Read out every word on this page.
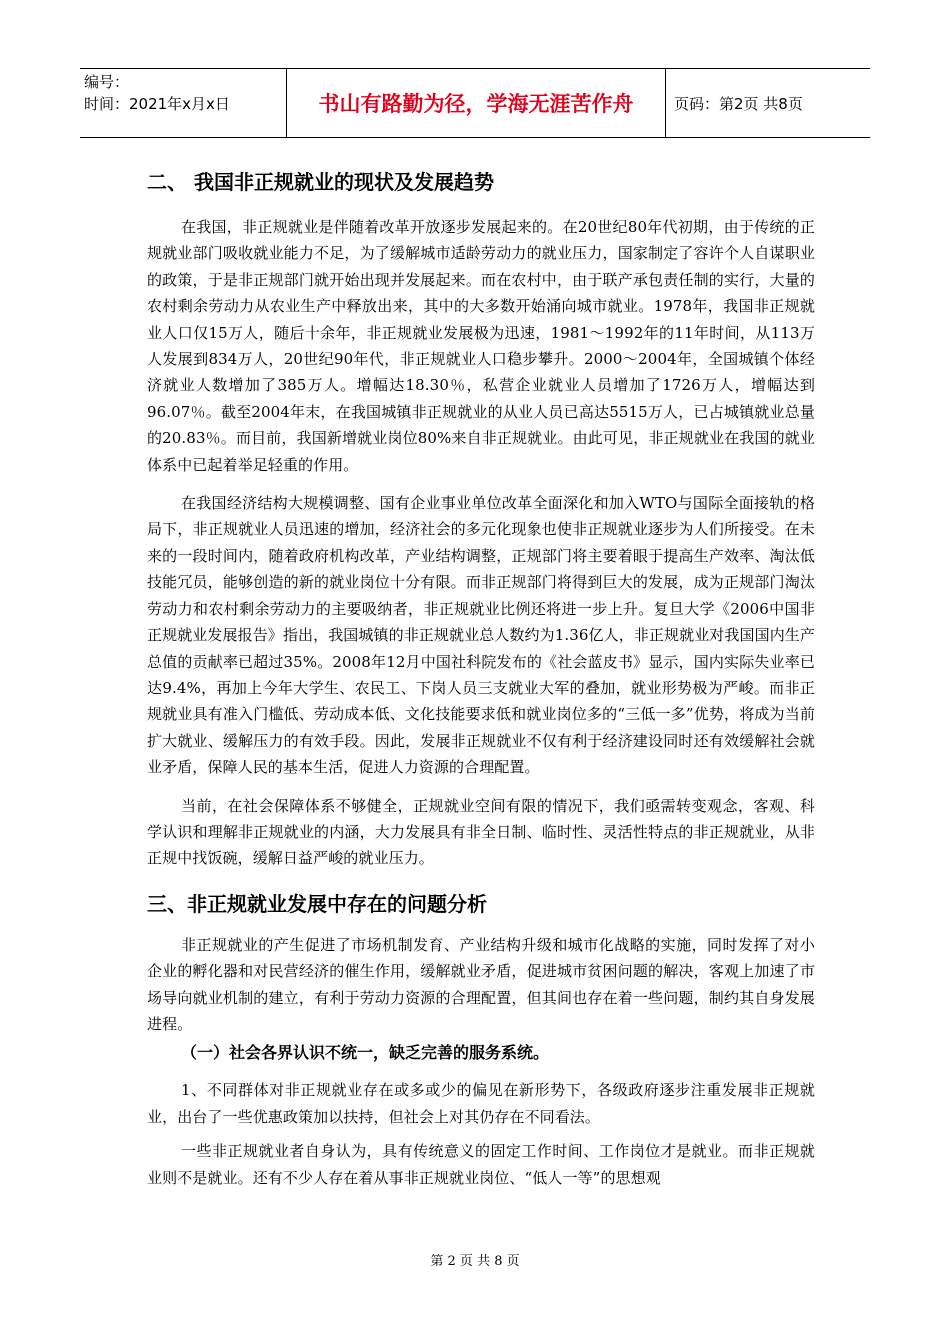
编号：
时间：2021年x月x日	书山有路勤为径，学海无涯苦作舟	页码：第2页 共8页
二、 我国非正规就业的现状及发展趋势

在我国，非正规就业是伴随着改革开放逐步发展起来的。在20世纪80年代初期，由于传统的正规就业部门吸收就业能力不足，为了缓解城市适龄劳动力的就业压力，国家制定了容许个人自谋职业的政策，于是非正规部门就开始出现并发展起来。而在农村中，由于联产承包责任制的实行，大量的农村剩余劳动力从农业生产中释放出来，其中的大多数开始涌向城市就业。1978年，我国非正规就业人口仅15万人，随后十余年，非正规就业发展极为迅速，1981～1992年的11年时间，从113万人发展到834万人，20世纪90年代，非正规就业人口稳步攀升。2000～2004年，全国城镇个体经济就业人数增加了385万人。增幅达18.30％，私营企业就业人员增加了1726万人，增幅达到96.07％。截至2004年末，在我国城镇非正规就业的从业人员已高达5515万人，已占城镇就业总量的20.83％。而目前，我国新增就业岗位80%来自非正规就业。由此可见，非正规就业在我国的就业体系中已起着举足轻重的作用。

在我国经济结构大规模调整、国有企业事业单位改革全面深化和加入WTO与国际全面接轨的格局下，非正规就业人员迅速的增加，经济社会的多元化现象也使非正规就业逐步为人们所接受。在未来的一段时间内，随着政府机构改革，产业结构调整，正规部门将主要着眼于提高生产效率、淘汰低技能冗员，能够创造的新的就业岗位十分有限。而非正规部门将得到巨大的发展，成为正规部门淘汰劳动力和农村剩余劳动力的主要吸纳者，非正规就业比例还将进一步上升。复旦大学《2006中国非正规就业发展报告》指出，我国城镇的非正规就业总人数约为1.36亿人，非正规就业对我国国内生产总值的贡献率已超过35%。2008年12月中国社科院发布的《社会蓝皮书》显示，国内实际失业率已达9.4%，再加上今年大学生、农民工、下岗人员三支就业大军的叠加，就业形势极为严峻。而非正规就业具有准入门槛低、劳动成本低、文化技能要求低和就业岗位多的“三低一多”优势，将成为当前扩大就业、缓解压力的有效手段。因此，发展非正规就业不仅有利于经济建设同时还有效缓解社会就业矛盾，保障人民的基本生活，促进人力资源的合理配置。

当前，在社会保障体系不够健全，正规就业空间有限的情况下，我们亟需转变观念，客观、科学认识和理解非正规就业的内涵，大力发展具有非全日制、临时性、灵活性特点的非正规就业，从非正规中找饭碗，缓解日益严峻的就业压力。

三、非正规就业发展中存在的问题分析

非正规就业的产生促进了市场机制发育、产业结构升级和城市化战略的实施，同时发挥了对小企业的孵化器和对民营经济的催生作用，缓解就业矛盾，促进城市贫困问题的解决，客观上加速了市场导向就业机制的建立，有利于劳动力资源的合理配置，但其间也存在着一些问题，制约其自身发展进程。

（一）社会各界认识不统一，缺乏完善的服务系统。

1、不同群体对非正规就业存在或多或少的偏见在新形势下，各级政府逐步注重发展非正规就业，出台了一些优惠政策加以扶持，但社会上对其仍存在不同看法。

一些非正规就业者自身认为，具有传统意义的固定工作时间、工作岗位才是就业。而非正规就业则不是就业。还有不少人存在着从事非正规就业岗位、“低人一等”的思想观

第 2 页 共 8 页
